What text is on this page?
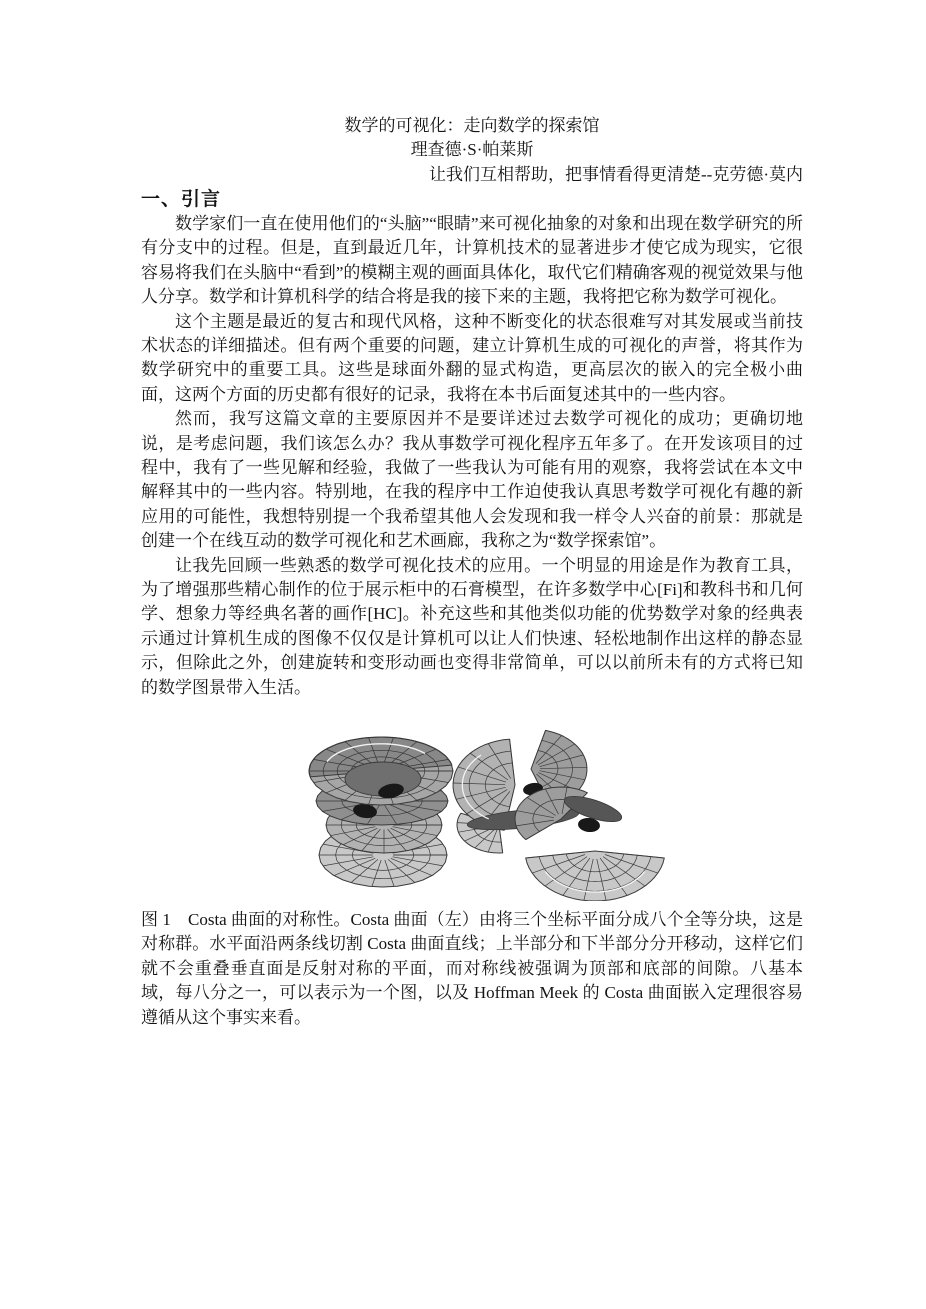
数学的可视化：走向数学的探索馆
理查德·S·帕莱斯
让我们互相帮助，把事情看得更清楚--克劳德·莫内
一、引言

数学家们一直在使用他们的“头脑”“眼睛”来可视化抽象的对象和出现在数学研究的所有分支中的过程。但是，直到最近几年，计算机技术的显著进步才使它成为现实，它很容易将我们在头脑中“看到”的模糊主观的画面具体化，取代它们精确客观的视觉效果与他人分享。数学和计算机科学的结合将是我的接下来的主题，我将把它称为数学可视化。

这个主题是最近的复古和现代风格，这种不断变化的状态很难写对其发展或当前技术状态的详细描述。但有两个重要的问题，建立计算机生成的可视化的声誉，将其作为数学研究中的重要工具。这些是球面外翻的显式构造，更高层次的嵌入的完全极小曲面，这两个方面的历史都有很好的记录，我将在本书后面复述其中的一些内容。

然而，我写这篇文章的主要原因并不是要详述过去数学可视化的成功；更确切地说，是考虑问题，我们该怎么办？我从事数学可视化程序五年多了。在开发该项目的过程中，我有了一些见解和经验，我做了一些我认为可能有用的观察，我将尝试在本文中解释其中的一些内容。特别地，在我的程序中工作迫使我认真思考数学可视化有趣的新应用的可能性，我想特别提一个我希望其他人会发现和我一样令人兴奋的前景：那就是创建一个在线互动的数学可视化和艺术画廊，我称之为“数学探索馆”。

让我先回顾一些熟悉的数学可视化技术的应用。一个明显的用途是作为教育工具，为了增强那些精心制作的位于展示柜中的石膏模型，在许多数学中心[Fi]和教科书和几何学、想象力等经典名著的画作[HC]。补充这些和其他类似功能的优势数学对象的经典表示通过计算机生成的图像不仅仅是计算机可以让人们快速、轻松地制作出这样的静态显示，但除此之外，创建旋转和变形动画也变得非常简单，可以以前所未有的方式将已知的数学图景带入生活。

图 1　Costa 曲面的对称性。Costa 曲面（左）由将三个坐标平面分成八个全等分块，这是对称群。水平面沿两条线切割 Costa 曲面直线；上半部分和下半部分分开移动，这样它们就不会重叠垂直面是反射对称的平面，而对称线被强调为顶部和底部的间隙。八基本域，每八分之一，可以表示为一个图，以及 Hoffman Meek 的 Costa 曲面嵌入定理很容易遵循从这个事实来看。
